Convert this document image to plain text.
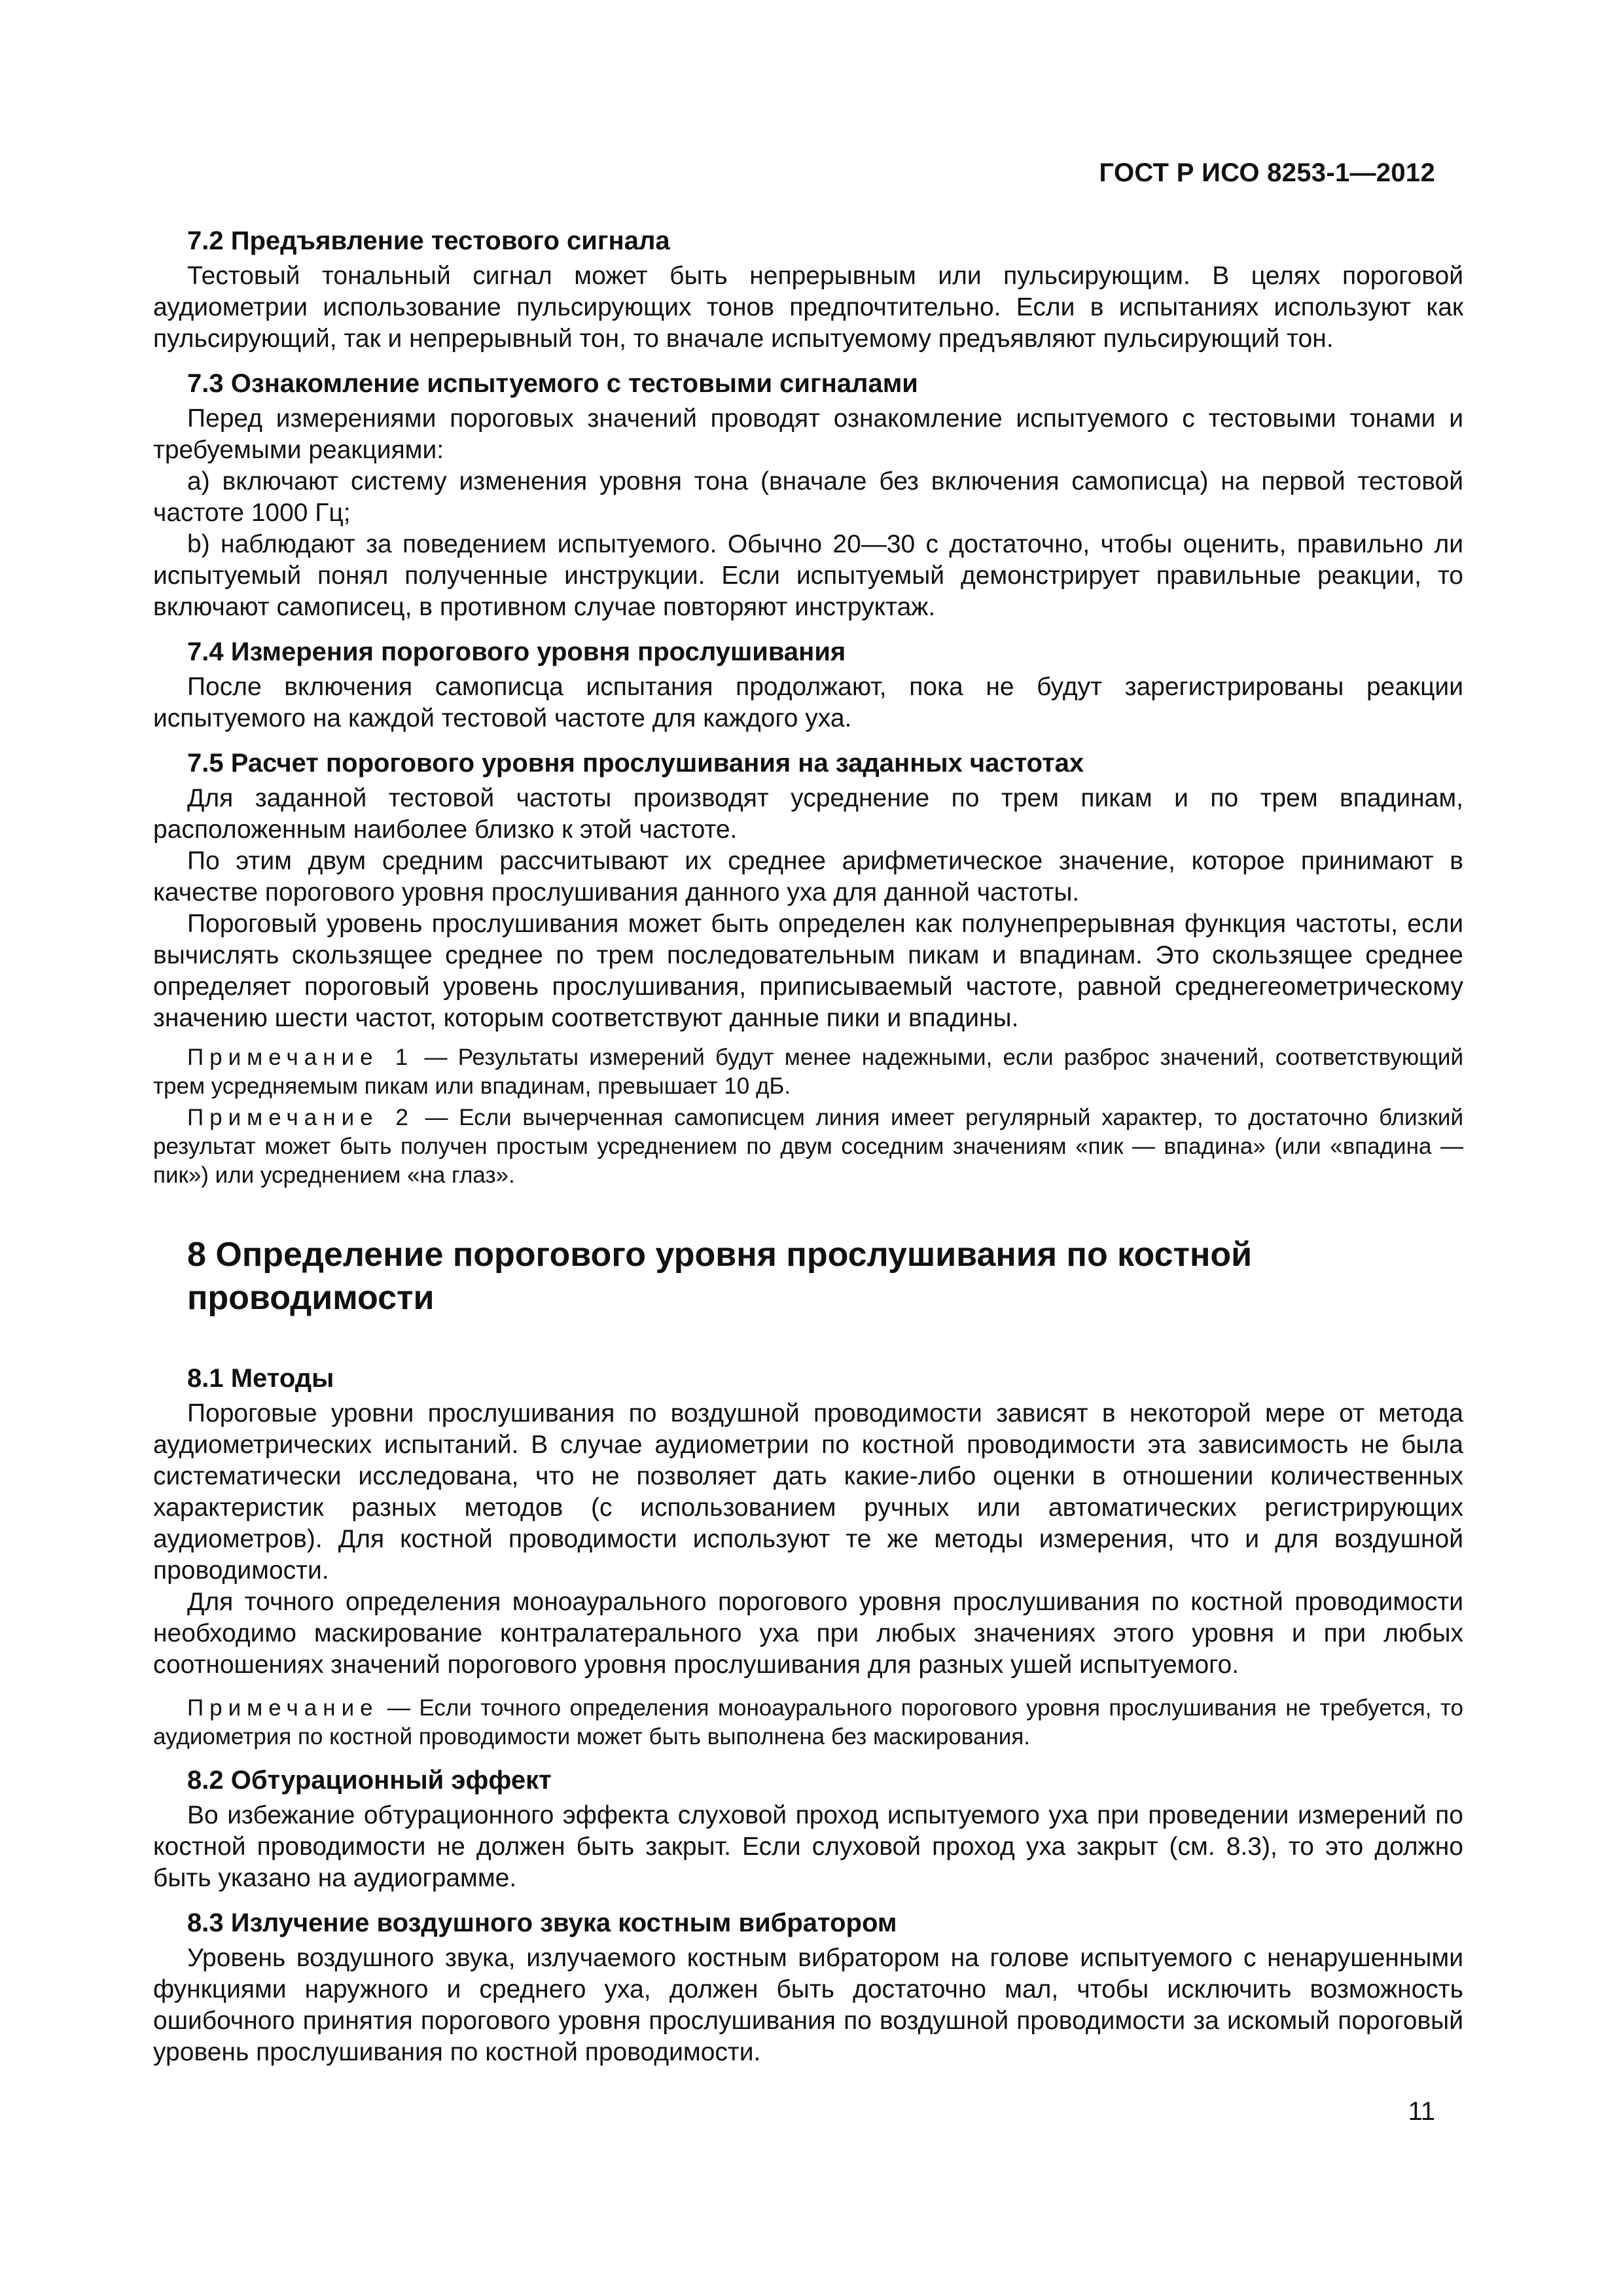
ГОСТ Р ИСО 8253-1—2012
7.2 Предъявление тестового сигнала

Тестовый тональный сигнал может быть непрерывным или пульсирующим. В целях пороговой аудиометрии использование пульсирующих тонов предпочтительно. Если в испытаниях используют как пульсирующий, так и непрерывный тон, то вначале испытуемому предъявляют пульсирующий тон.

7.3 Ознакомление испытуемого с тестовыми сигналами

Перед измерениями пороговых значений проводят ознакомление испытуемого с тестовыми тонами и требуемыми реакциями:

а) включают систему изменения уровня тона (вначале без включения самописца) на первой тестовой частоте 1000 Гц;

b) наблюдают за поведением испытуемого. Обычно 20—30 с достаточно, чтобы оценить, правильно ли испытуемый понял полученные инструкции. Если испытуемый демонстрирует правильные реакции, то включают самописец, в противном случае повторяют инструктаж.

7.4 Измерения порогового уровня прослушивания

После включения самописца испытания продолжают, пока не будут зарегистрированы реакции испытуемого на каждой тестовой частоте для каждого уха.

7.5 Расчет порогового уровня прослушивания на заданных частотах

Для заданной тестовой частоты производят усреднение по трем пикам и по трем впадинам, расположенным наиболее близко к этой частоте.

По этим двум средним рассчитывают их среднее арифметическое значение, которое принимают в качестве порогового уровня прослушивания данного уха для данной частоты.

Пороговый уровень прослушивания может быть определен как полунепрерывная функция частоты, если вычислять скользящее среднее по трем последовательным пикам и впадинам. Это скользящее среднее определяет пороговый уровень прослушивания, приписываемый частоте, равной среднегеометрическому значению шести частот, которым соответствуют данные пики и впадины.

Примечание 1 — Результаты измерений будут менее надежными, если разброс значений, соответствующий трем усредняемым пикам или впадинам, превышает 10 дБ.
Примечание 2 — Если вычерченная самописцем линия имеет регулярный характер, то достаточно близкий результат может быть получен простым усреднением по двум соседним значениям «пик — впадина» (или «впадина — пик») или усреднением «на глаз».
8 Определение порогового уровня прослушивания по костной проводимости
8.1 Методы

Пороговые уровни прослушивания по воздушной проводимости зависят в некоторой мере от метода аудиометрических испытаний. В случае аудиометрии по костной проводимости эта зависимость не была систематически исследована, что не позволяет дать какие-либо оценки в отношении количественных характеристик разных методов (с использованием ручных или автоматических регистрирующих аудиометров). Для костной проводимости используют те же методы измерения, что и для воздушной проводимости.

Для точного определения моноаурального порогового уровня прослушивания по костной проводимости необходимо маскирование контралатерального уха при любых значениях этого уровня и при любых соотношениях значений порогового уровня прослушивания для разных ушей испытуемого.

Примечание — Если точного определения моноаурального порогового уровня прослушивания не требуется, то аудиометрия по костной проводимости может быть выполнена без маскирования.
8.2 Обтурационный эффект

Во избежание обтурационного эффекта слуховой проход испытуемого уха при проведении измерений по костной проводимости не должен быть закрыт. Если слуховой проход уха закрыт (см. 8.3), то это должно быть указано на аудиограмме.

8.3 Излучение воздушного звука костным вибратором

Уровень воздушного звука, излучаемого костным вибратором на голове испытуемого с ненарушенными функциями наружного и среднего уха, должен быть достаточно мал, чтобы исключить возможность ошибочного принятия порогового уровня прослушивания по воздушной проводимости за искомый пороговый уровень прослушивания по костной проводимости.

11
